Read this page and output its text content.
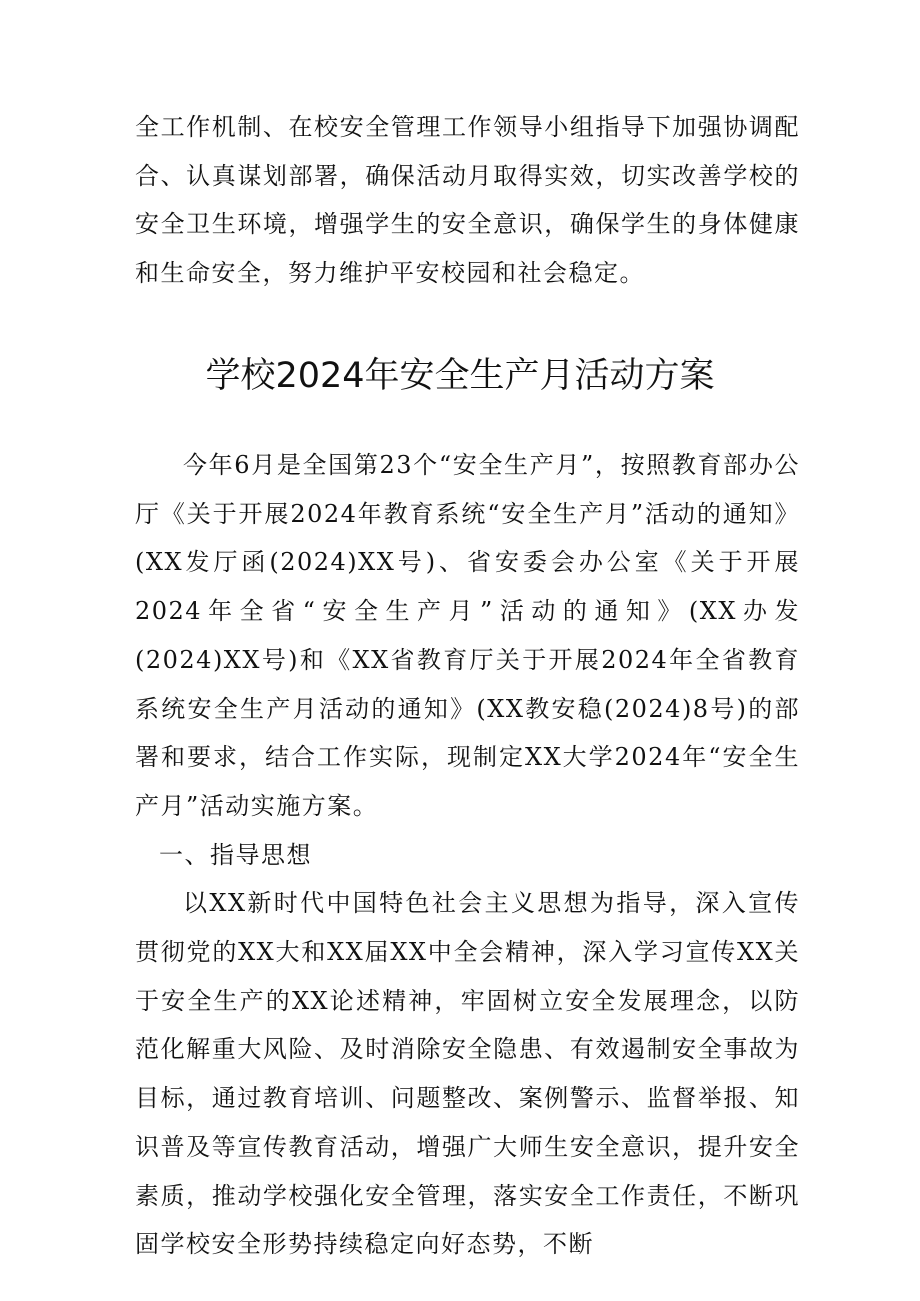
全工作机制、在校安全管理工作领导小组指导下加强协调配合、认真谋划部署，确保活动月取得实效，切实改善学校的安全卫生环境，增强学生的安全意识，确保学生的身体健康和生命安全，努力维护平安校园和社会稳定。

学校2024年安全生产月活动方案

今年6月是全国第23个“安全生产月”，按照教育部办公厅《关于开展2024年教育系统“安全生产月”活动的通知》(XX发厅函(2024)XX号)、省安委会办公室《关于开展2024年全省“安全生产月”活动的通知》(XX办发(2024)XX号)和《XX省教育厅关于开展2024年全省教育系统安全生产月活动的通知》(XX教安稳(2024)8号)的部署和要求，结合工作实际，现制定XX大学2024年“安全生产月”活动实施方案。

一、指导思想

以XX新时代中国特色社会主义思想为指导，深入宣传贯彻党的XX大和XX届XX中全会精神，深入学习宣传XX关于安全生产的XX论述精神，牢固树立安全发展理念，以防范化解重大风险、及时消除安全隐患、有效遏制安全事故为目标，通过教育培训、问题整改、案例警示、监督举报、知识普及等宣传教育活动，增强广大师生安全意识，提升安全素质，推动学校强化安全管理，落实安全工作责任，不断巩固学校安全形势持续稳定向好态势，不断
